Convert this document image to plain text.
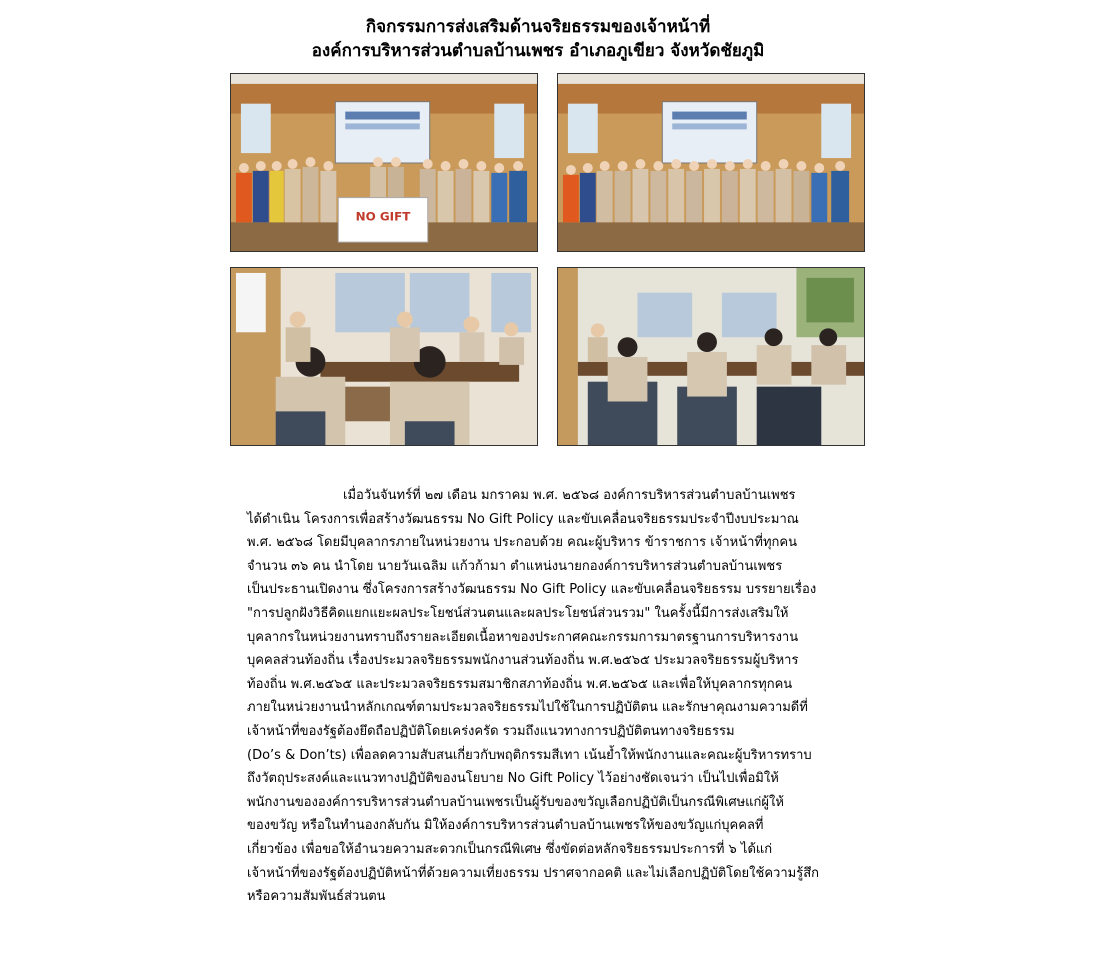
กิจกรรมการส่งเสริมด้านจริยธรรมของเจ้าหน้าที่
องค์การบริหารส่วนตำบลบ้านเพชร อำเภอภูเขียว จังหวัดชัยภูมิ
NO GIFT
เมื่อวันจันทร์ที่ ๒๗ เดือน มกราคม พ.ศ. ๒๕๖๘ องค์การบริหารส่วนตำบลบ้านเพชร
ได้ดำเนิน โครงการเพื่อสร้างวัฒนธรรม No Gift Policy และขับเคลื่อนจริยธรรมประจำปีงบประมาณ
พ.ศ. ๒๕๖๘ โดยมีบุคลากรภายในหน่วยงาน ประกอบด้วย คณะผู้บริหาร ข้าราชการ เจ้าหน้าที่ทุกคน
จำนวน ๓๖ คน นำโดย นายวันเฉลิม แก้วก้ามา ตำแหน่งนายกองค์การบริหารส่วนตำบลบ้านเพชร
เป็นประธานเปิดงาน ซึ่งโครงการสร้างวัฒนธรรม No Gift Policy และขับเคลื่อนจริยธรรม บรรยายเรื่อง
"การปลูกฝังวิธีคิดแยกแยะผลประโยชน์ส่วนตนและผลประโยชน์ส่วนรวม" ในครั้งนี้มีการส่งเสริมให้
บุคลากรในหน่วยงานทราบถึงรายละเอียดเนื้อหาของประกาศคณะกรรมการมาตรฐานการบริหารงาน
บุคคลส่วนท้องถิ่น เรื่องประมวลจริยธรรมพนักงานส่วนท้องถิ่น พ.ศ.๒๕๖๕ ประมวลจริยธรรมผู้บริหาร
ท้องถิ่น พ.ศ.๒๕๖๕ และประมวลจริยธรรมสมาชิกสภาท้องถิ่น พ.ศ.๒๕๖๕ และเพื่อให้บุคลากรทุกคน
ภายในหน่วยงานนำหลักเกณฑ์ตามประมวลจริยธรรมไปใช้ในการปฏิบัติตน และรักษาคุณงามความดีที่
เจ้าหน้าที่ของรัฐต้องยึดถือปฏิบัติโดยเคร่งครัด รวมถึงแนวทางการปฏิบัติตนทางจริยธรรม
(Do’s & Don’ts) เพื่อลดความสับสนเกี่ยวกับพฤติกรรมสีเทา เน้นย้ำให้พนักงานและคณะผู้บริหารทราบ
ถึงวัตถุประสงค์และแนวทางปฏิบัติของนโยบาย No Gift Policy ไว้อย่างชัดเจนว่า เป็นไปเพื่อมิให้
พนักงานขององค์การบริหารส่วนตำบลบ้านเพชรเป็นผู้รับของขวัญเลือกปฏิบัติเป็นกรณีพิเศษแก่ผู้ให้
ของขวัญ หรือในทำนองกลับกัน มิให้องค์การบริหารส่วนตำบลบ้านเพชรให้ของขวัญแก่บุคคลที่
เกี่ยวข้อง เพื่อขอให้อำนวยความสะดวกเป็นกรณีพิเศษ ซึ่งขัดต่อหลักจริยธรรมประการที่ ๖ ได้แก่
เจ้าหน้าที่ของรัฐต้องปฏิบัติหน้าที่ด้วยความเที่ยงธรรม ปราศจากอคติ และไม่เลือกปฏิบัติโดยใช้ความรู้สึก
หรือความสัมพันธ์ส่วนตน
